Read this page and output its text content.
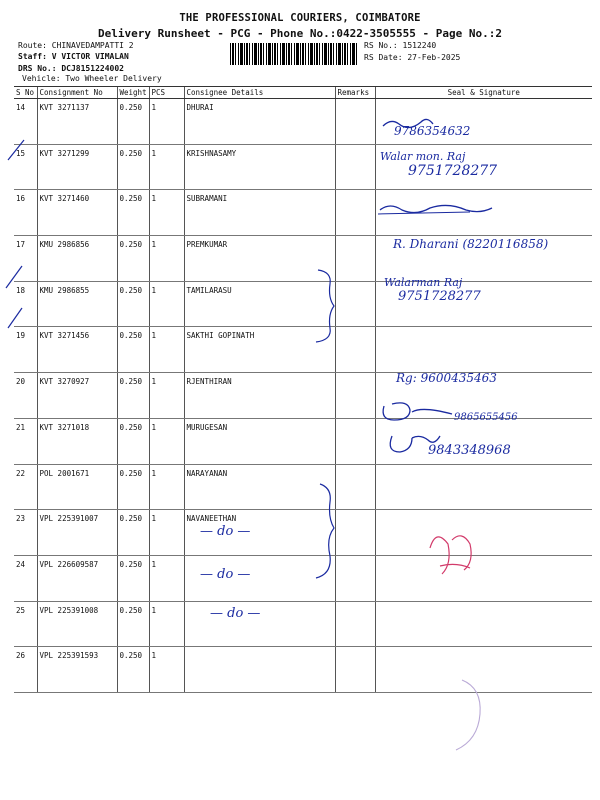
THE PROFESSIONAL COURIERS, COIMBATORE
Delivery Runsheet - PCG - Phone No.:0422-3505555 - Page No.:2
Route: CHINAVEDAMPATTI 2
Staff: V VICTOR VIMALAN
DRS No.: DCJ8151224002
Vehicle: Two Wheeler Delivery
RS No.: 1512240
RS Date: 27-Feb-2025
S No	Consignment No	Weight	PCS	Consignee Details	Remarks	Seal & Signature
14	KVT 3271137	0.250	1	DHURAI		
15	KVT 3271299	0.250	1	KRISHNASAMY		
16	KVT 3271460	0.250	1	SUBRAMANI		
17	KMU 2986856	0.250	1	PREMKUMAR		
18	KMU 2986855	0.250	1	TAMILARASU		
19	KVT 3271456	0.250	1	SAKTHI GOPINATH		
20	KVT 3270927	0.250	1	RJENTHIRAN		
21	KVT 3271018	0.250	1	MURUGESAN		
22	POL 2001671	0.250	1	NARAYANAN		
23	VPL 225391007	0.250	1	NAVANEETHAN		
24	VPL 226609587	0.250	1			
25	VPL 225391008	0.250	1			
26	VPL 225391593	0.250	1			
9786354632
Walar mon. Raj
9751728277
R. Dharani (8220116858)
Walarman Raj
9751728277
Rg: 9600435463
9865655456
9843348968
— do —
— do —
— do —
